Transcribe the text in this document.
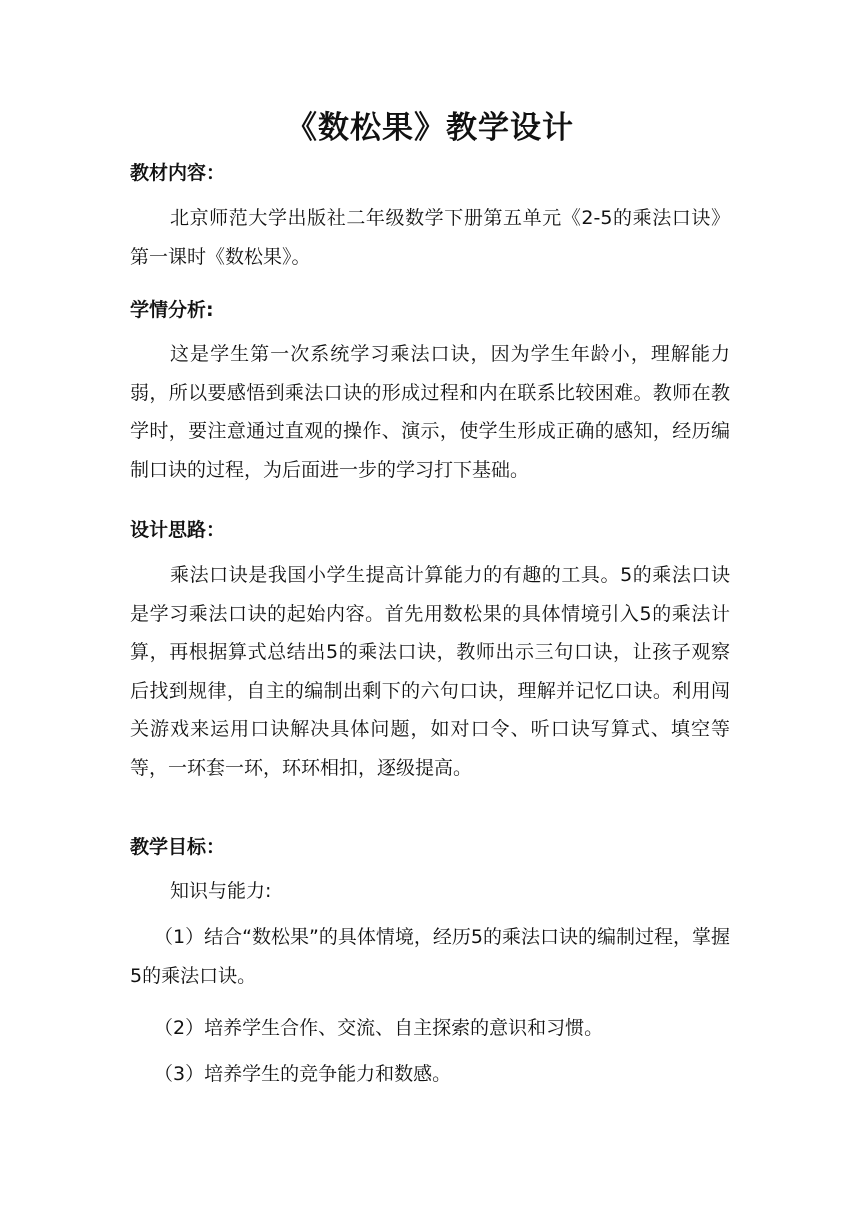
《数松果》教学设计
教材内容：
北京师范大学出版社二年级数学下册第五单元《2-5的乘法口诀》第一课时《数松果》。
学情分析:
这是学生第一次系统学习乘法口诀，因为学生年龄小，理解能力弱，所以要感悟到乘法口诀的形成过程和内在联系比较困难。教师在教学时，要注意通过直观的操作、演示，使学生形成正确的感知，经历编制口诀的过程，为后面进一步的学习打下基础。
设计思路：
乘法口诀是我国小学生提高计算能力的有趣的工具。5的乘法口诀是学习乘法口诀的起始内容。首先用数松果的具体情境引入5的乘法计算，再根据算式总结出5的乘法口诀，教师出示三句口诀，让孩子观察后找到规律，自主的编制出剩下的六句口诀，理解并记忆口诀。利用闯关游戏来运用口诀解决具体问题，如对口令、听口诀写算式、填空等等，一环套一环，环环相扣，逐级提高。
教学目标：
知识与能力:
（1）结合“数松果”的具体情境，经历5的乘法口诀的编制过程，掌握5的乘法口诀。
（2）培养学生合作、交流、自主探索的意识和习惯。
（3）培养学生的竞争能力和数感。
